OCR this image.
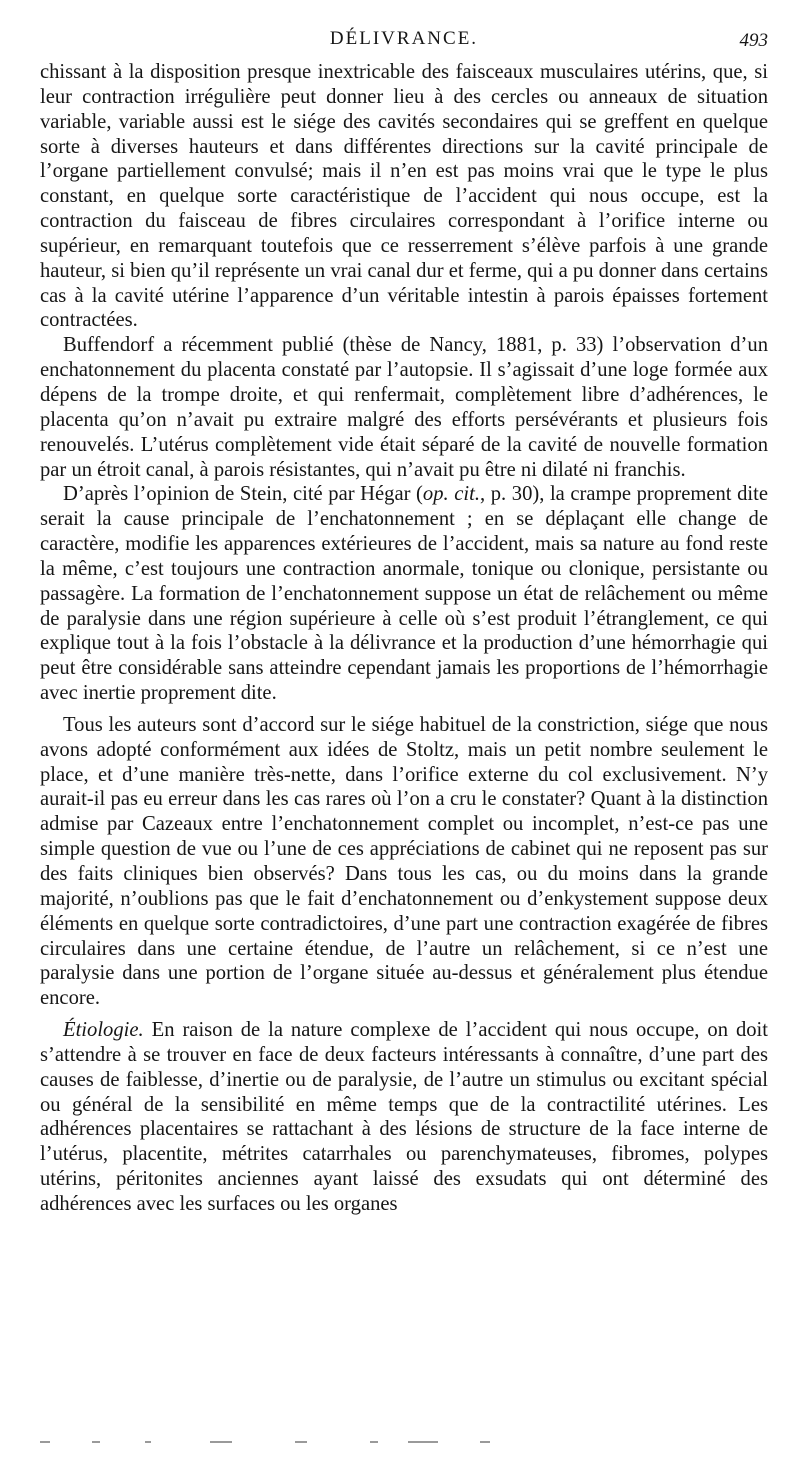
DÉLIVRANCE.	493

chissant à la disposition presque inextricable des faisceaux musculaires utérins, que, si leur contraction irrégulière peut donner lieu à des cercles ou anneaux de situation variable, variable aussi est le siége des cavités secondaires qui se greffent en quelque sorte à diverses hauteurs et dans différentes directions sur la cavité principale de l’organe partiellement convulsé; mais il n’en est pas moins vrai que le type le plus constant, en quelque sorte caractéristique de l’accident qui nous occupe, est la contraction du faisceau de fibres circulaires correspondant à l’orifice interne ou supérieur, en remarquant toutefois que ce resserrement s’élève parfois à une grande hauteur, si bien qu’il représente un vrai canal dur et ferme, qui a pu donner dans certains cas à la cavité utérine l’apparence d’un véritable intestin à parois épaisses fortement contractées.

Buffendorf a récemment publié (thèse de Nancy, 1881, p. 33) l’observation d’un enchatonnement du placenta constaté par l’autopsie. Il s’agissait d’une loge formée aux dépens de la trompe droite, et qui renfermait, complètement libre d’adhérences, le placenta qu’on n’avait pu extraire malgré des efforts persévérants et plusieurs fois renouvelés. L’utérus complètement vide était séparé de la cavité de nouvelle formation par un étroit canal, à parois résistantes, qui n’avait pu être ni dilaté ni franchis.

D’après l’opinion de Stein, cité par Hégar (op. cit., p. 30), la crampe proprement dite serait la cause principale de l’enchatonnement ; en se déplaçant elle change de caractère, modifie les apparences extérieures de l’accident, mais sa nature au fond reste la même, c’est toujours une contraction anormale, tonique ou clonique, persistante ou passagère. La formation de l’enchatonnement suppose un état de relâchement ou même de paralysie dans une région supérieure à celle où s’est produit l’étranglement, ce qui explique tout à la fois l’obstacle à la délivrance et la production d’une hémorrhagie qui peut être considérable sans atteindre cependant jamais les proportions de l’hémorrhagie avec inertie proprement dite.

Tous les auteurs sont d’accord sur le siége habituel de la constriction, siége que nous avons adopté conformément aux idées de Stoltz, mais un petit nombre seulement le place, et d’une manière très-nette, dans l’orifice externe du col exclusivement. N’y aurait-il pas eu erreur dans les cas rares où l’on a cru le constater? Quant à la distinction admise par Cazeaux entre l’enchatonnement complet ou incomplet, n’est-ce pas une simple question de vue ou l’une de ces appréciations de cabinet qui ne reposent pas sur des faits cliniques bien observés? Dans tous les cas, ou du moins dans la grande majorité, n’oublions pas que le fait d’enchatonnement ou d’enkystement suppose deux éléments en quelque sorte contradictoires, d’une part une contraction exagérée de fibres circulaires dans une certaine étendue, de l’autre un relâchement, si ce n’est une paralysie dans une portion de l’organe située au-dessus et généralement plus étendue encore.

Étiologie. En raison de la nature complexe de l’accident qui nous occupe, on doit s’attendre à se trouver en face de deux facteurs intéressants à connaître, d’une part des causes de faiblesse, d’inertie ou de paralysie, de l’autre un stimulus ou excitant spécial ou général de la sensibilité en même temps que de la contractilité utérines. Les adhérences placentaires se rattachant à des lésions de structure de la face interne de l’utérus, placentite, métrites catarrhales ou parenchymateuses, fibromes, polypes utérins, péritonites anciennes ayant laissé des exsudats qui ont déterminé des adhérences avec les surfaces ou les organes
